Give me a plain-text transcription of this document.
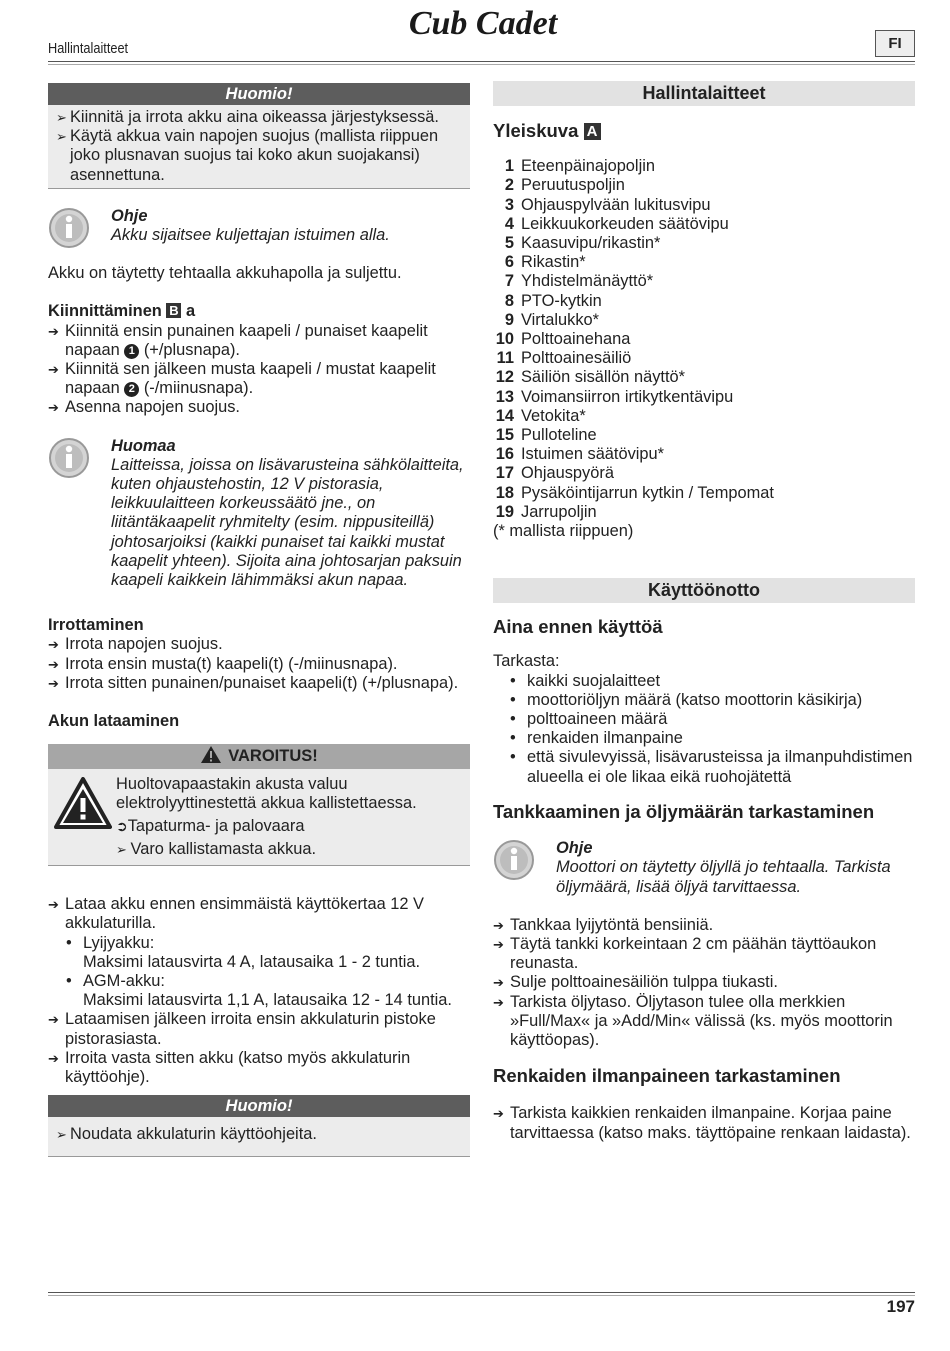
Cub Cadet
Hallintalaitteet	FI
Huomio!
➢ Kiinnitä ja irrota akku aina oikeassa järjestyksessä.
➢ Käytä akkua vain napojen suojus (mallista riippuen joko plusnavan suojus tai koko akun suojakansi) asennettuna.
Ohje
Akku sijaitsee kuljettajan istuimen alla.
Akku on täytetty tehtaalla akkuhapolla ja suljettu.
Kiinnittäminen B a
➔ Kiinnitä ensin punainen kaapeli / punaiset kaapelit napaan 1 (+/plusnapa).
➔ Kiinnitä sen jälkeen musta kaapeli / mustat kaapelit napaan 2 (-/miinusnapa).
➔ Asenna napojen suojus.
Huomaa
Laitteissa, joissa on lisävarusteina sähkölaitteita, kuten ohjaustehostin, 12 V pistorasia, leikkuulaitteen korkeussäätö jne., on liitäntäkaapelit ryhmitelty (esim. nippusiteillä) johtosarjoiksi (kaikki punaiset tai kaikki mustat kaapelit yhteen). Sijoita aina johtosarjan paksuin kaapeli kaikkein lähimmäksi akun napaa.
Irrottaminen
➔ Irrota napojen suojus.
➔ Irrota ensin musta(t) kaapeli(t) (-/miinusnapa).
➔ Irrota sitten punainen/punaiset kaapeli(t) (+/plusnapa).
Akun lataaminen
VAROITUS!
Huoltovapaastakin akusta valuu elektrolyyttinestettä akkua kallistettaessa.
➲Tapaturma- ja palovaara
➢ Varo kallistamasta akkua.
➔ Lataa akku ennen ensimmäistä käyttökertaa 12 V akkulaturilla.
• Lyijyakku:
Maksimi latausvirta 4 A, latausaika 1 - 2 tuntia.
• AGM-akku:
Maksimi latausvirta 1,1 A, latausaika 12 - 14 tuntia.
➔ Lataamisen jälkeen irroita ensin akkulaturin pistoke pistorasiasta.
➔ Irroita vasta sitten akku (katso myös akkulaturin käyttöohje).
Huomio!
➢ Noudata akkulaturin käyttöohjeita.
Hallintalaitteet
Yleiskuva A
1 Eteenpäinajopoljin
2 Peruutuspoljin
3 Ohjauspylvään lukitusvipu
4 Leikkuukorkeuden säätövipu
5 Kaasuvipu/rikastin*
6 Rikastin*
7 Yhdistelmänäyttö*
8 PTO-kytkin
9 Virtalukko*
10 Polttoainehana
11 Polttoainesäiliö
12 Säiliön sisällön näyttö*
13 Voimansiirron irtikytkentävipu
14 Vetokita*
15 Pulloteline
16 Istuimen säätövipu*
17 Ohjauspyörä
18 Pysäköintijarrun kytkin / Tempomat
19 Jarrupoljin
(* mallista riippuen)
Käyttöönotto
Aina ennen käyttöä
Tarkasta:
• kaikki suojalaitteet
• moottoriöljyn määrä (katso moottorin käsikirja)
• polttoaineen määrä
• renkaiden ilmanpaine
• että sivulevyissä, lisävarusteissa ja ilmanpuhdistimen alueella ei ole likaa eikä ruohojätettä
Tankkaaminen ja öljymäärän tarkastaminen
Ohje
Moottori on täytetty öljyllä jo tehtaalla. Tarkista öljymäärä, lisää öljyä tarvittaessa.
➔ Tankkaa lyijytöntä bensiiniä.
➔ Täytä tankki korkeintaan 2 cm päähän täyttöaukon reunasta.
➔ Sulje polttoainesäiliön tulppa tiukasti.
➔ Tarkista öljytaso. Öljytason tulee olla merkkien »Full/Max« ja »Add/Min« välissä (ks. myös moottorin käyttöopas).
Renkaiden ilmanpaineen tarkastaminen
➔ Tarkista kaikkien renkaiden ilmanpaine. Korjaa paine tarvittaessa (katso maks. täyttöpaine renkaan laidasta).
197
